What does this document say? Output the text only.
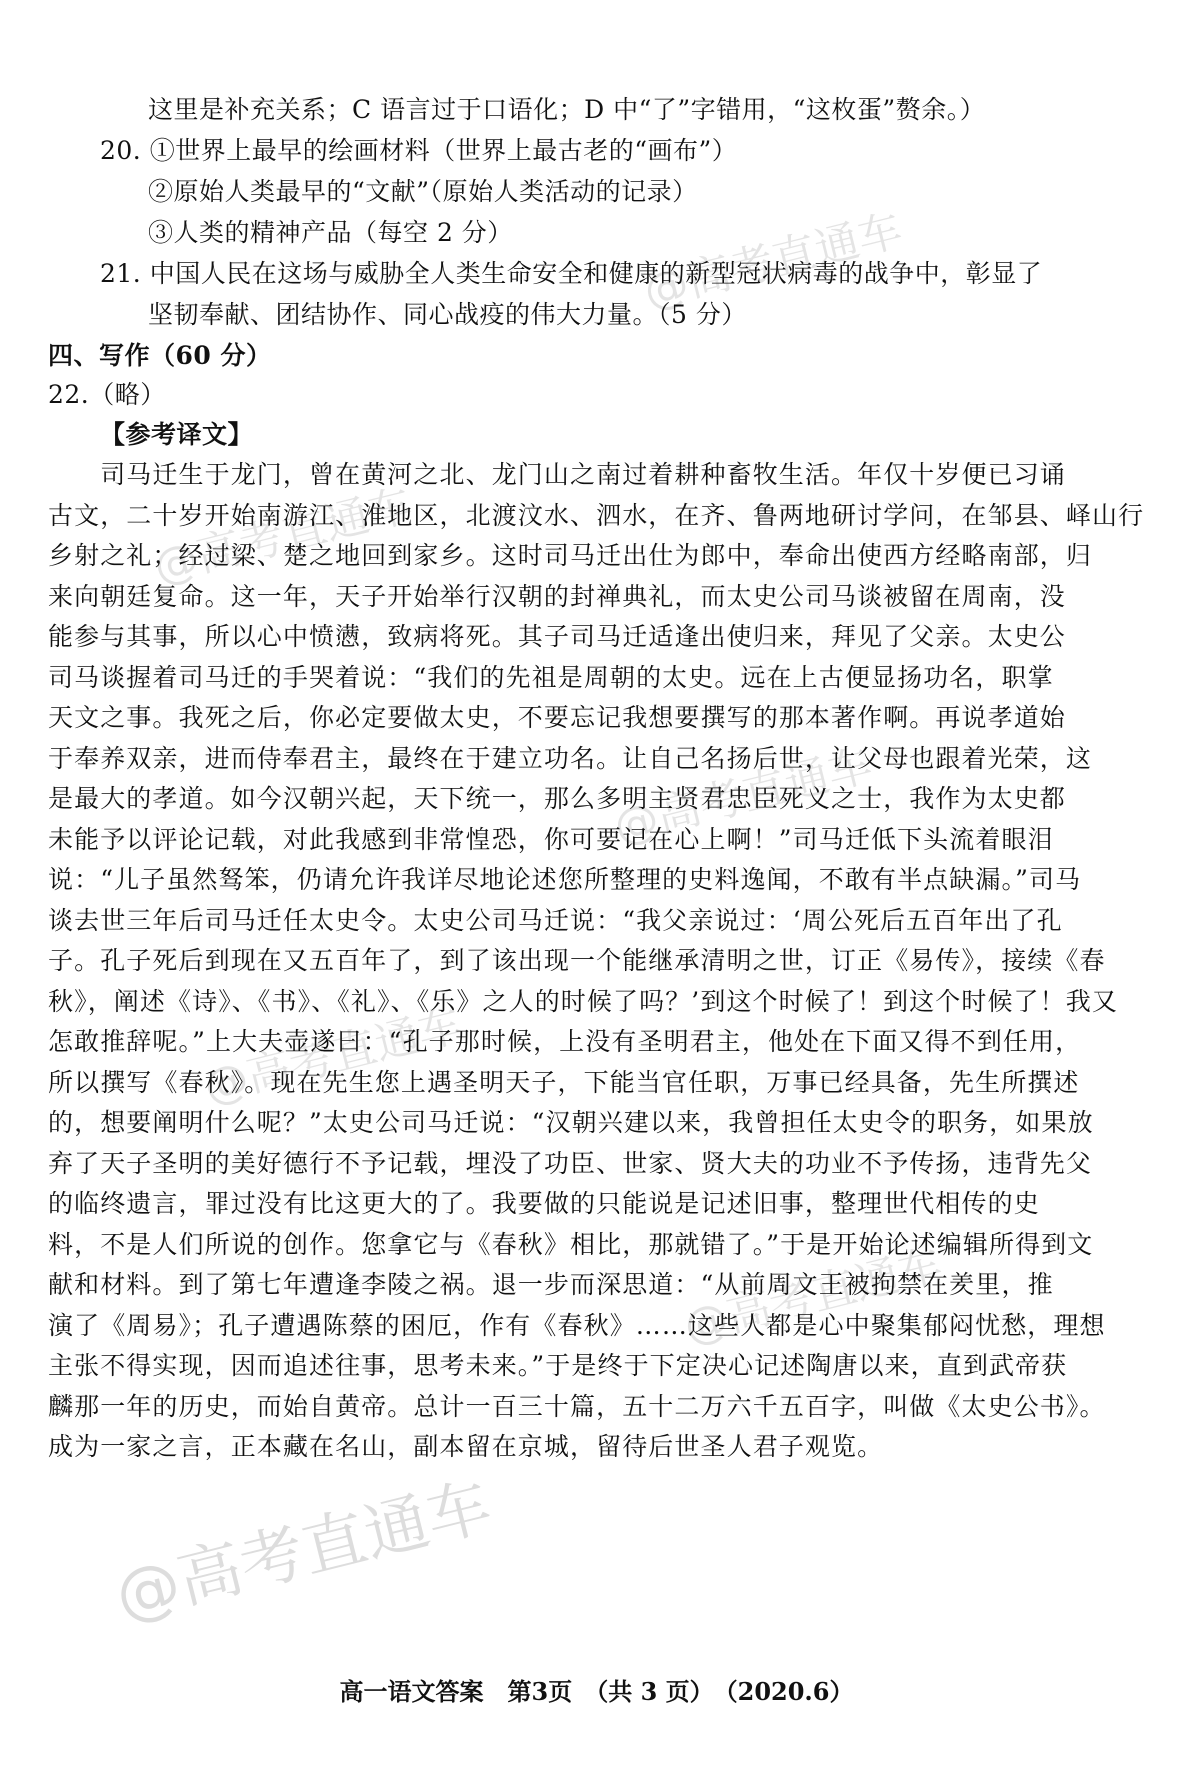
@高考直通车
@高考直通车
@高考直通车
@高考直通车
@高考直通车
@高考直通车
这里是补充关系；C 语言过于口语化；D 中“了”字错用，“这枚蛋”赘余。）
20. ①世界上最早的绘画材料（世界上最古老的“画布”）
②原始人类最早的“文献”（原始人类活动的记录）
③人类的精神产品（每空 2 分）
21. 中国人民在这场与威胁全人类生命安全和健康的新型冠状病毒的战争中，彰显了
坚韧奉献、团结协作、同心战疫的伟大力量。（5 分）
四、写作（60 分）
22.（略）
【参考译文】
　　司马迁生于龙门，曾在黄河之北、龙门山之南过着耕种畜牧生活。年仅十岁便已习诵
古文，二十岁开始南游江、淮地区，北渡汶水、泗水，在齐、鲁两地研讨学问，在邹县、峄山行
乡射之礼；经过梁、楚之地回到家乡。这时司马迁出仕为郎中，奉命出使西方经略南部，归
来向朝廷复命。这一年，天子开始举行汉朝的封禅典礼，而太史公司马谈被留在周南，没
能参与其事，所以心中愤懑，致病将死。其子司马迁适逢出使归来，拜见了父亲。太史公
司马谈握着司马迁的手哭着说：“我们的先祖是周朝的太史。远在上古便显扬功名，职掌
天文之事。我死之后，你必定要做太史，不要忘记我想要撰写的那本著作啊。再说孝道始
于奉养双亲，进而侍奉君主，最终在于建立功名。让自己名扬后世，让父母也跟着光荣，这
是最大的孝道。如今汉朝兴起，天下统一，那么多明主贤君忠臣死义之士，我作为太史都
未能予以评论记载，对此我感到非常惶恐，你可要记在心上啊！”司马迁低下头流着眼泪
说：“儿子虽然驽笨，仍请允许我详尽地论述您所整理的史料逸闻，不敢有半点缺漏。”司马
谈去世三年后司马迁任太史令。太史公司马迁说：“我父亲说过：‘周公死后五百年出了孔
子。孔子死后到现在又五百年了，到了该出现一个能继承清明之世，订正《易传》，接续《春
秋》，阐述《诗》、《书》、《礼》、《乐》之人的时候了吗？’到这个时候了！到这个时候了！我又
怎敢推辞呢。”上大夫壶遂曰：“孔子那时候，上没有圣明君主，他处在下面又得不到任用，
所以撰写《春秋》。现在先生您上遇圣明天子，下能当官任职，万事已经具备，先生所撰述
的，想要阐明什么呢？”太史公司马迁说：“汉朝兴建以来，我曾担任太史令的职务，如果放
弃了天子圣明的美好德行不予记载，埋没了功臣、世家、贤大夫的功业不予传扬，违背先父
的临终遗言，罪过没有比这更大的了。我要做的只能说是记述旧事，整理世代相传的史
料，不是人们所说的创作。您拿它与《春秋》相比，那就错了。”于是开始论述编辑所得到文
献和材料。到了第七年遭逢李陵之祸。退一步而深思道：“从前周文王被拘禁在羑里，推
演了《周易》；孔子遭遇陈蔡的困厄，作有《春秋》……这些人都是心中聚集郁闷忧愁，理想
主张不得实现，因而追述往事，思考未来。”于是终于下定决心记述陶唐以来，直到武帝获
麟那一年的历史，而始自黄帝。总计一百三十篇，五十二万六千五百字，叫做《太史公书》。
成为一家之言，正本藏在名山，副本留在京城，留待后世圣人君子观览。
高一语文答案　第3页　（共 3 页）　（2020.6）
